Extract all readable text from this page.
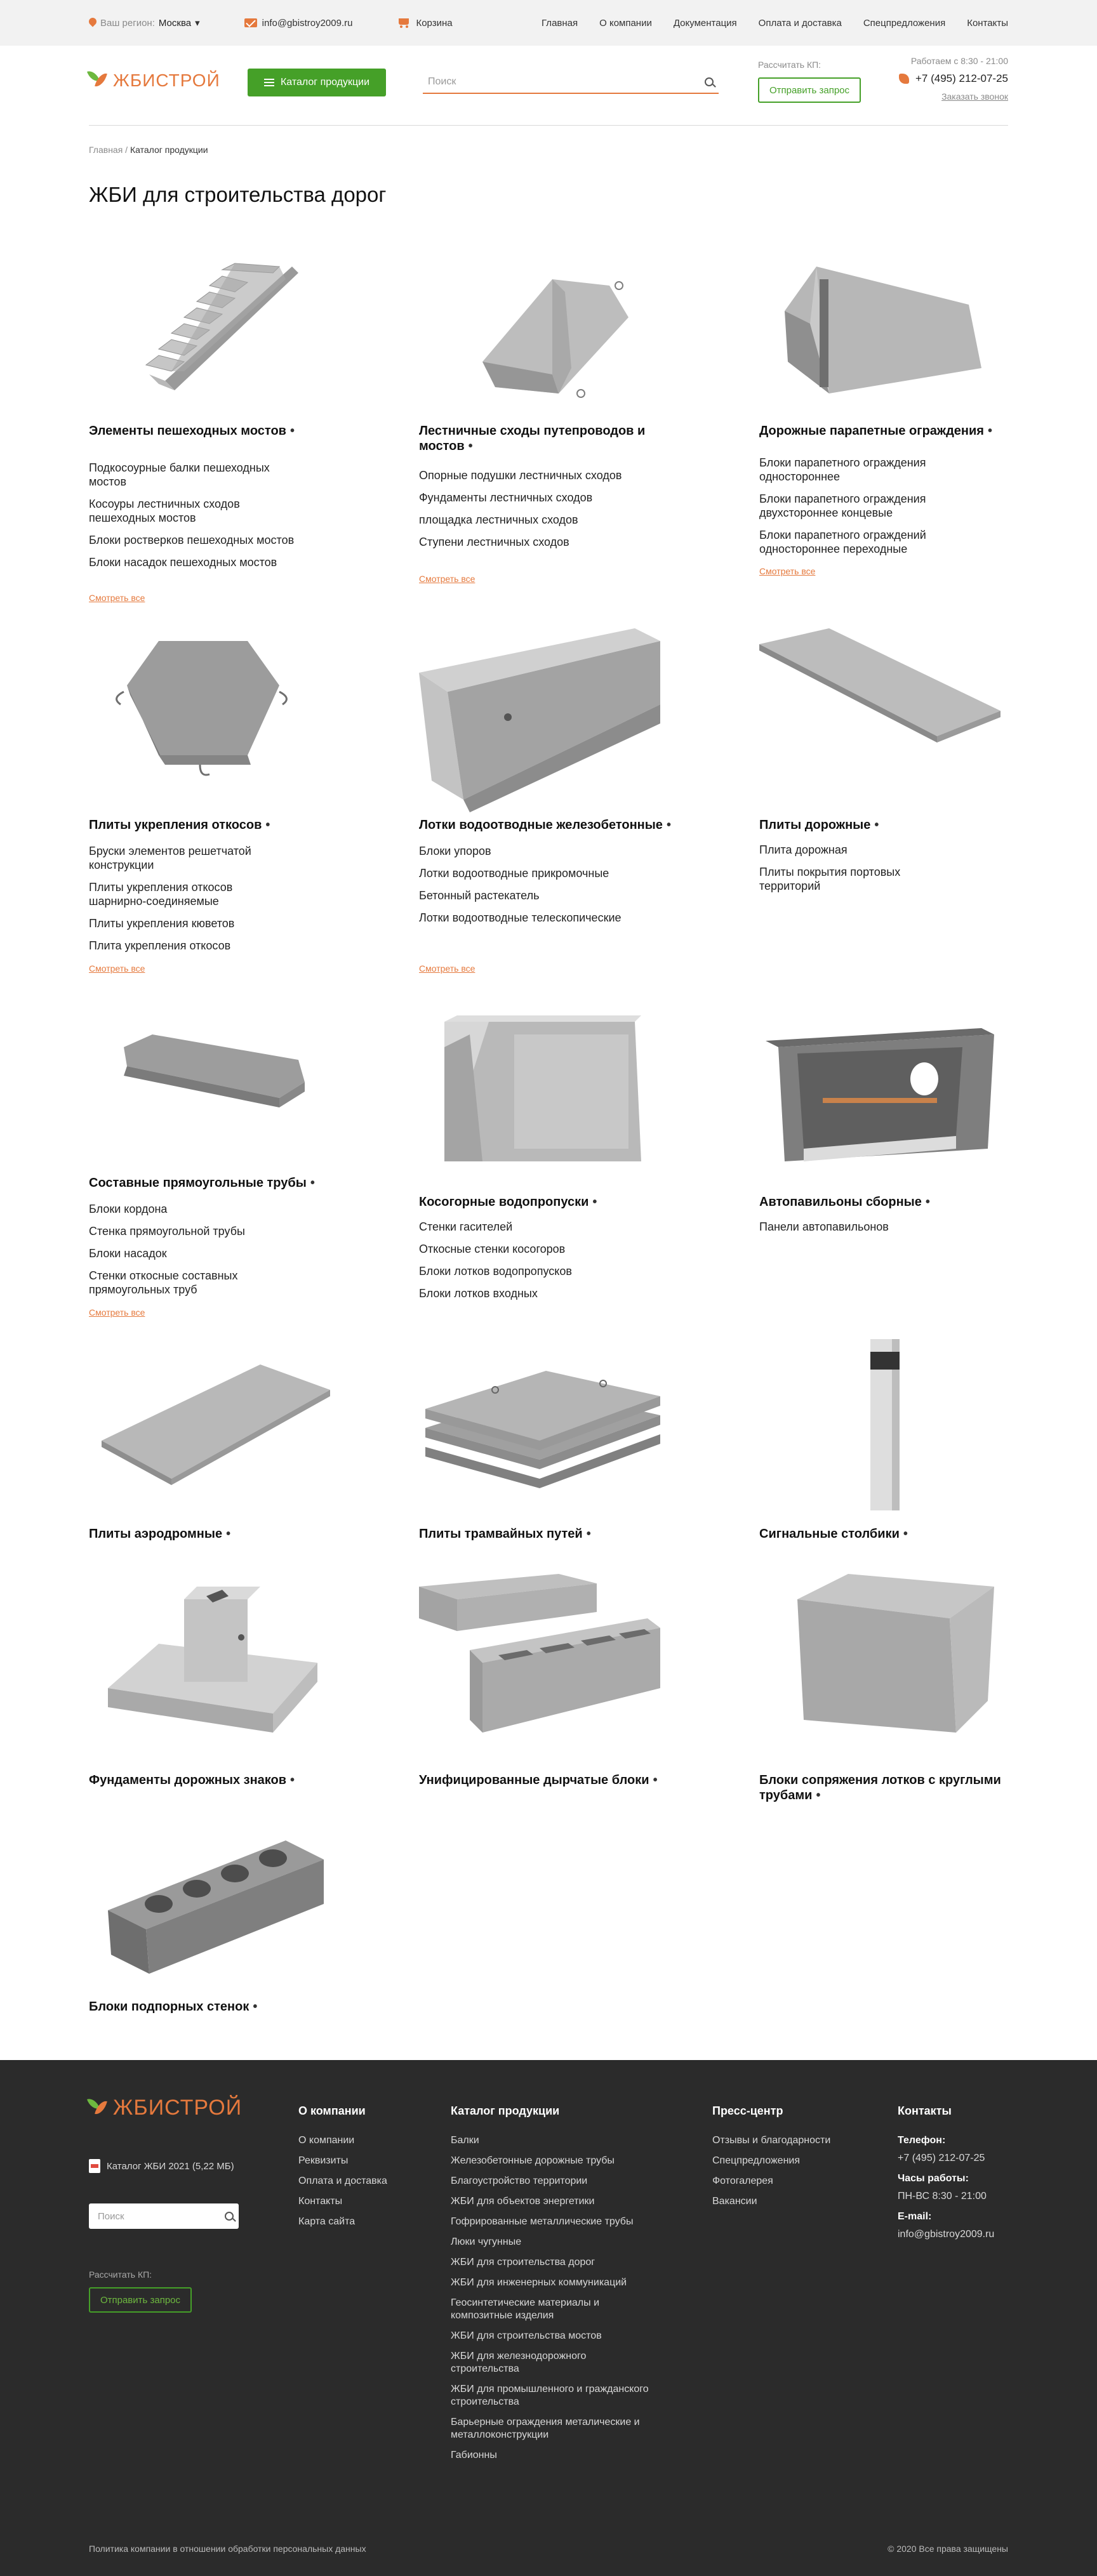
Ваш регион: Москва ▾	info@gbistroy2009.ru	Корзина	Главная О компании Документация Оплата и доставка Спецпредложения Контакты
ЖБИСТРОЙ	Каталог продукции
Поиск
Рассчитать КП:
Отправить запрос
Работаем с 8:30 - 21:00
+7 (495) 212-07-25
Заказать звонок
Главная / Каталог продукции
ЖБИ для строительства дорог
Элементы пешеходных мостов •
Подкосоурные балки пешеходных мостов
Косоуры лестничных сходов пешеходных мостов
Блоки ростверков пешеходных мостов
Блоки насадок пешеходных мостов
Смотреть все
Лестничные сходы путепроводов и мостов •
Опорные подушки лестничных сходов
Фундаменты лестничных сходов
площадка лестничных сходов
Ступени лестничных сходов
Смотреть все
Дорожные парапетные ограждения •
Блоки парапетного ограждения одностороннее
Блоки парапетного ограждения двухстороннее концевые
Блоки парапетного ограждений одностороннее переходные
Смотреть все
Плиты укрепления откосов •
Бруски элементов решетчатой конструкции
Плиты укрепления откосов шарнирно-соединяемые
Плиты укрепления кюветов
Плита укрепления откосов
Смотреть все
Лотки водоотводные железобетонные •
Блоки упоров
Лотки водоотводные прикромочные
Бетонный растекатель
Лотки водоотводные телескопические
Смотреть все
Плиты дорожные •
Плита дорожная
Плиты покрытия портовых территорий
Составные прямоугольные трубы •
Блоки кордона
Стенка прямоугольной трубы
Блоки насадок
Стенки откосные составных прямоугольных труб
Смотреть все
Косогорные водопропуски •
Стенки гасителей
Откосные стенки косогоров
Блоки лотков водопропусков
Блоки лотков входных
Автопавильоны сборные •
Панели автопавильонов
Плиты аэродромные •	Плиты трамвайных путей •	Сигнальные столбики •
Фундаменты дорожных знаков •	Унифицированные дырчатые блоки •	Блоки сопряжения лотков с круглыми трубами •
Блоки подпорных стенок •
ЖБИСТРОЙ
Каталог ЖБИ 2021 (5,22 МБ)
Поиск
Рассчитать КП:
Отправить запрос
О компании
О компании
Реквизиты
Оплата и доставка
Контакты
Карта сайта
Каталог продукции
Балки
Железобетонные дорожные трубы
Благоустройство территории
ЖБИ для объектов энергетики
Гофрированные металлические трубы
Люки чугунные
ЖБИ для строительства дорог
ЖБИ для инженерных коммуникаций
Геосинтетические материалы и композитные изделия
ЖБИ для строительства мостов
ЖБИ для железнодорожного строительства
ЖБИ для промышленного и гражданского строительства
Барьерные ограждения металические и металлоконструкции
Габионны
Пресс-центр
Отзывы и благодарности
Спецпредложения
Фотогалерея
Вакансии
Контакты
Телефон:
+7 (495) 212-07-25
Часы работы:
ПН-ВС 8:30 - 21:00
E-mail:
info@gbistroy2009.ru
Политика компании в отношении обработки персональных данных	© 2020 Все права защищены
